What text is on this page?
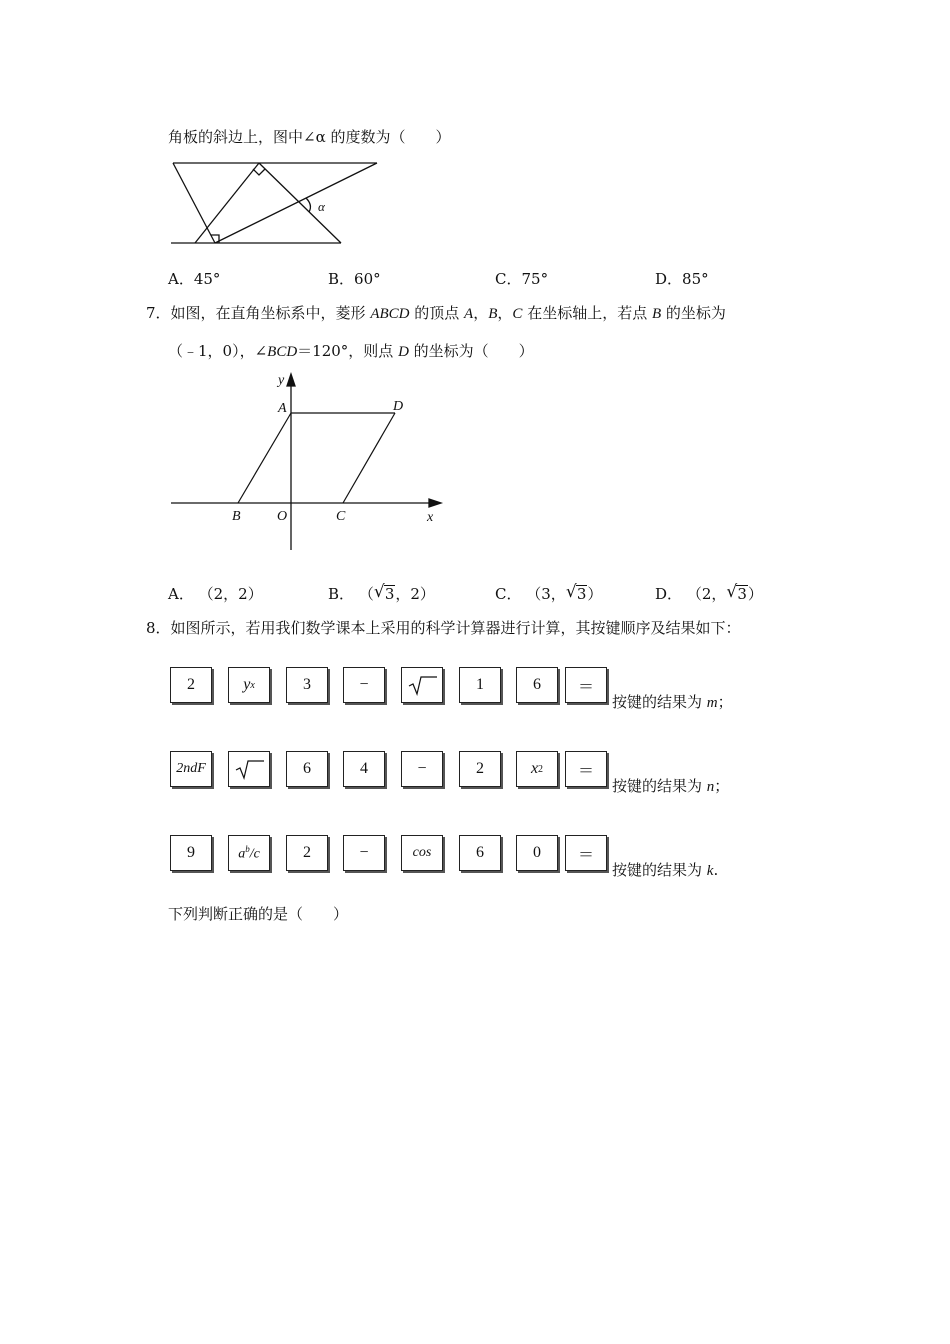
角板的斜边上，图中∠α 的度数为（　　）
α
A．45°	B．60°	C．75°	D．85°
7．如图，在直角坐标系中，菱形 ABCD 的顶点 A，B，C 在坐标轴上，若点 B 的坐标为
（﹣1，0），∠BCD＝120°，则点 D 的坐标为（　　）
y
x
A	D
B	O	C
A． （2，2）	B． （ √ 3，2）	C． （3， √ 3）	D． （2， √ 3）
8．如图所示，若用我们数学课本上采用的科学计算器进行计算，其按键顺序及结果如下：
2	y x	3	−	1	6	＝
按键的结果为 m；
2ndF	6	4	−	2	x 2	＝
按键的结果为 n；
9	$a^b/c$	2	−	cos	6	0	＝
按键的结果为 k.
下列判断正确的是（　　）
